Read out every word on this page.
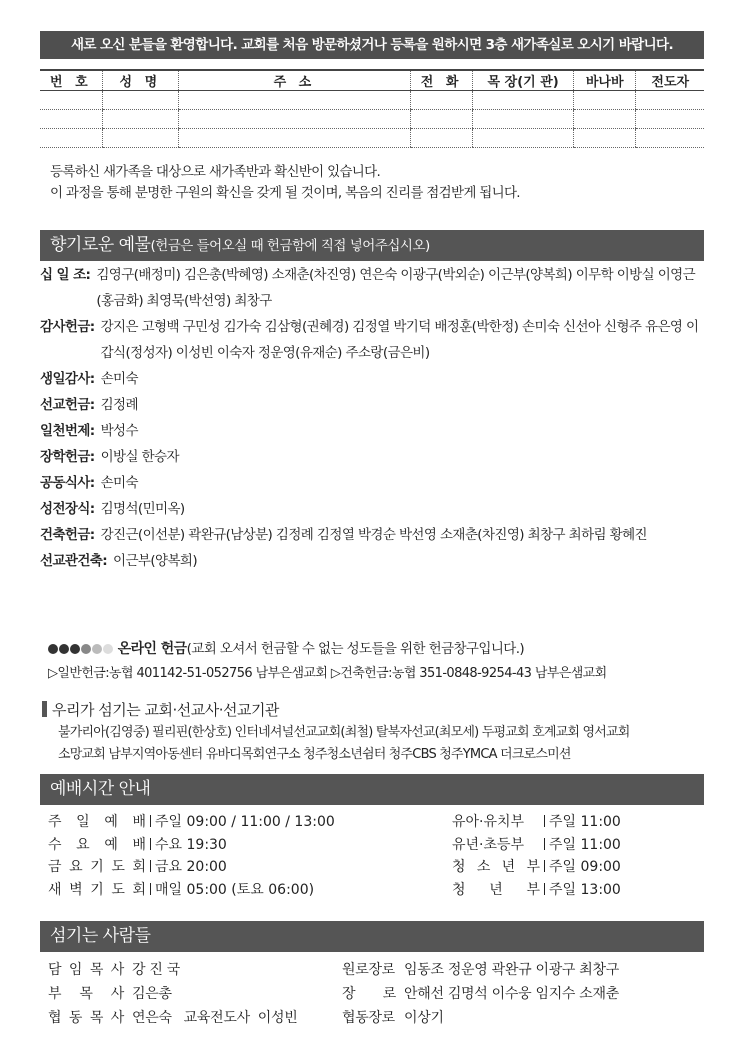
새로 오신 분들을 환영합니다. 교회를 처음 방문하셨거나 등록을 원하시면 3층 새가족실로 오시기 바랍니다.
번 호	성 명	주 소	전 화	목 장(기 관)	바나바	전도자

등록하신 새가족을 대상으로 새가족반과 확신반이 있습니다.
이 과정을 통해 분명한 구원의 확신을 갖게 될 것이며, 복음의 진리를 점검받게 됩니다.
향기로운 예물(헌금은 들어오실 때 헌금함에 직접 넣어주십시오)
십 일 조: 김영구(배정미) 김은총(박혜영) 소재춘(차진영) 연은숙 이광구(박외순) 이근부(양복희) 이무학 이방실 이영근(홍금화) 최영묵(박선영) 최창구
감사헌금: 강지은 고형백 구민성 김가숙 김삼형(권혜경) 김정열 박기덕 배정훈(박한정) 손미숙 신선아 신형주 유은영 이갑식(정성자) 이성빈 이숙자 정운영(유재순) 주소랑(금은비)
생일감사: 손미숙
선교헌금: 김정례
일천번제: 박성수
장학헌금: 이방실 한승자
공동식사: 손미숙
성전장식: 김명석(민미옥)
건축헌금: 강진근(이선분) 곽완규(남상분) 김정례 김정열 박경순 박선영 소재춘(차진영) 최창구 최하림 황혜진
선교관건축: 이근부(양복희)
온라인 헌금(교회 오셔서 헌금할 수 없는 성도들을 위한 헌금창구입니다.)
▷일반헌금:농협 401142-51-052756 남부은샘교회 ▷건축헌금:농협 351-0848-9254-43 남부은샘교회
우리가 섬기는 교회·선교사·선교기관
불가리아(김영중) 필리핀(한상호) 인터네셔널선교교회(최철) 탈북자선교(최모세) 두평교회 호계교회 영서교회
소망교회 남부지역아동센터 유바디목회연구소 청주청소년쉼터 청주CBS 청주YMCA 더크로스미션
예배시간 안내
주 일 예 배 주일 09:00 / 11:00 / 13:00
수 요 예 배 수요 19:30
금 요 기 도 회 금요 20:00
새 벽 기 도 회 매일 05:00 (토요 06:00)
유아·유치부 주일 11:00
유년·초등부 주일 11:00
청 소 년 부 주일 09:00
청 년 부 주일 13:00
섬기는 사람들
담 임 목 사 강 진 국
부 목 사 김은총
협 동 목 사 연은숙 교육전도사 이성빈
원로장로 임동조 정운영 곽완규 이광구 최창구
장 로 안해선 김명석 이수웅 임지수 소재춘
협동장로 이상기
